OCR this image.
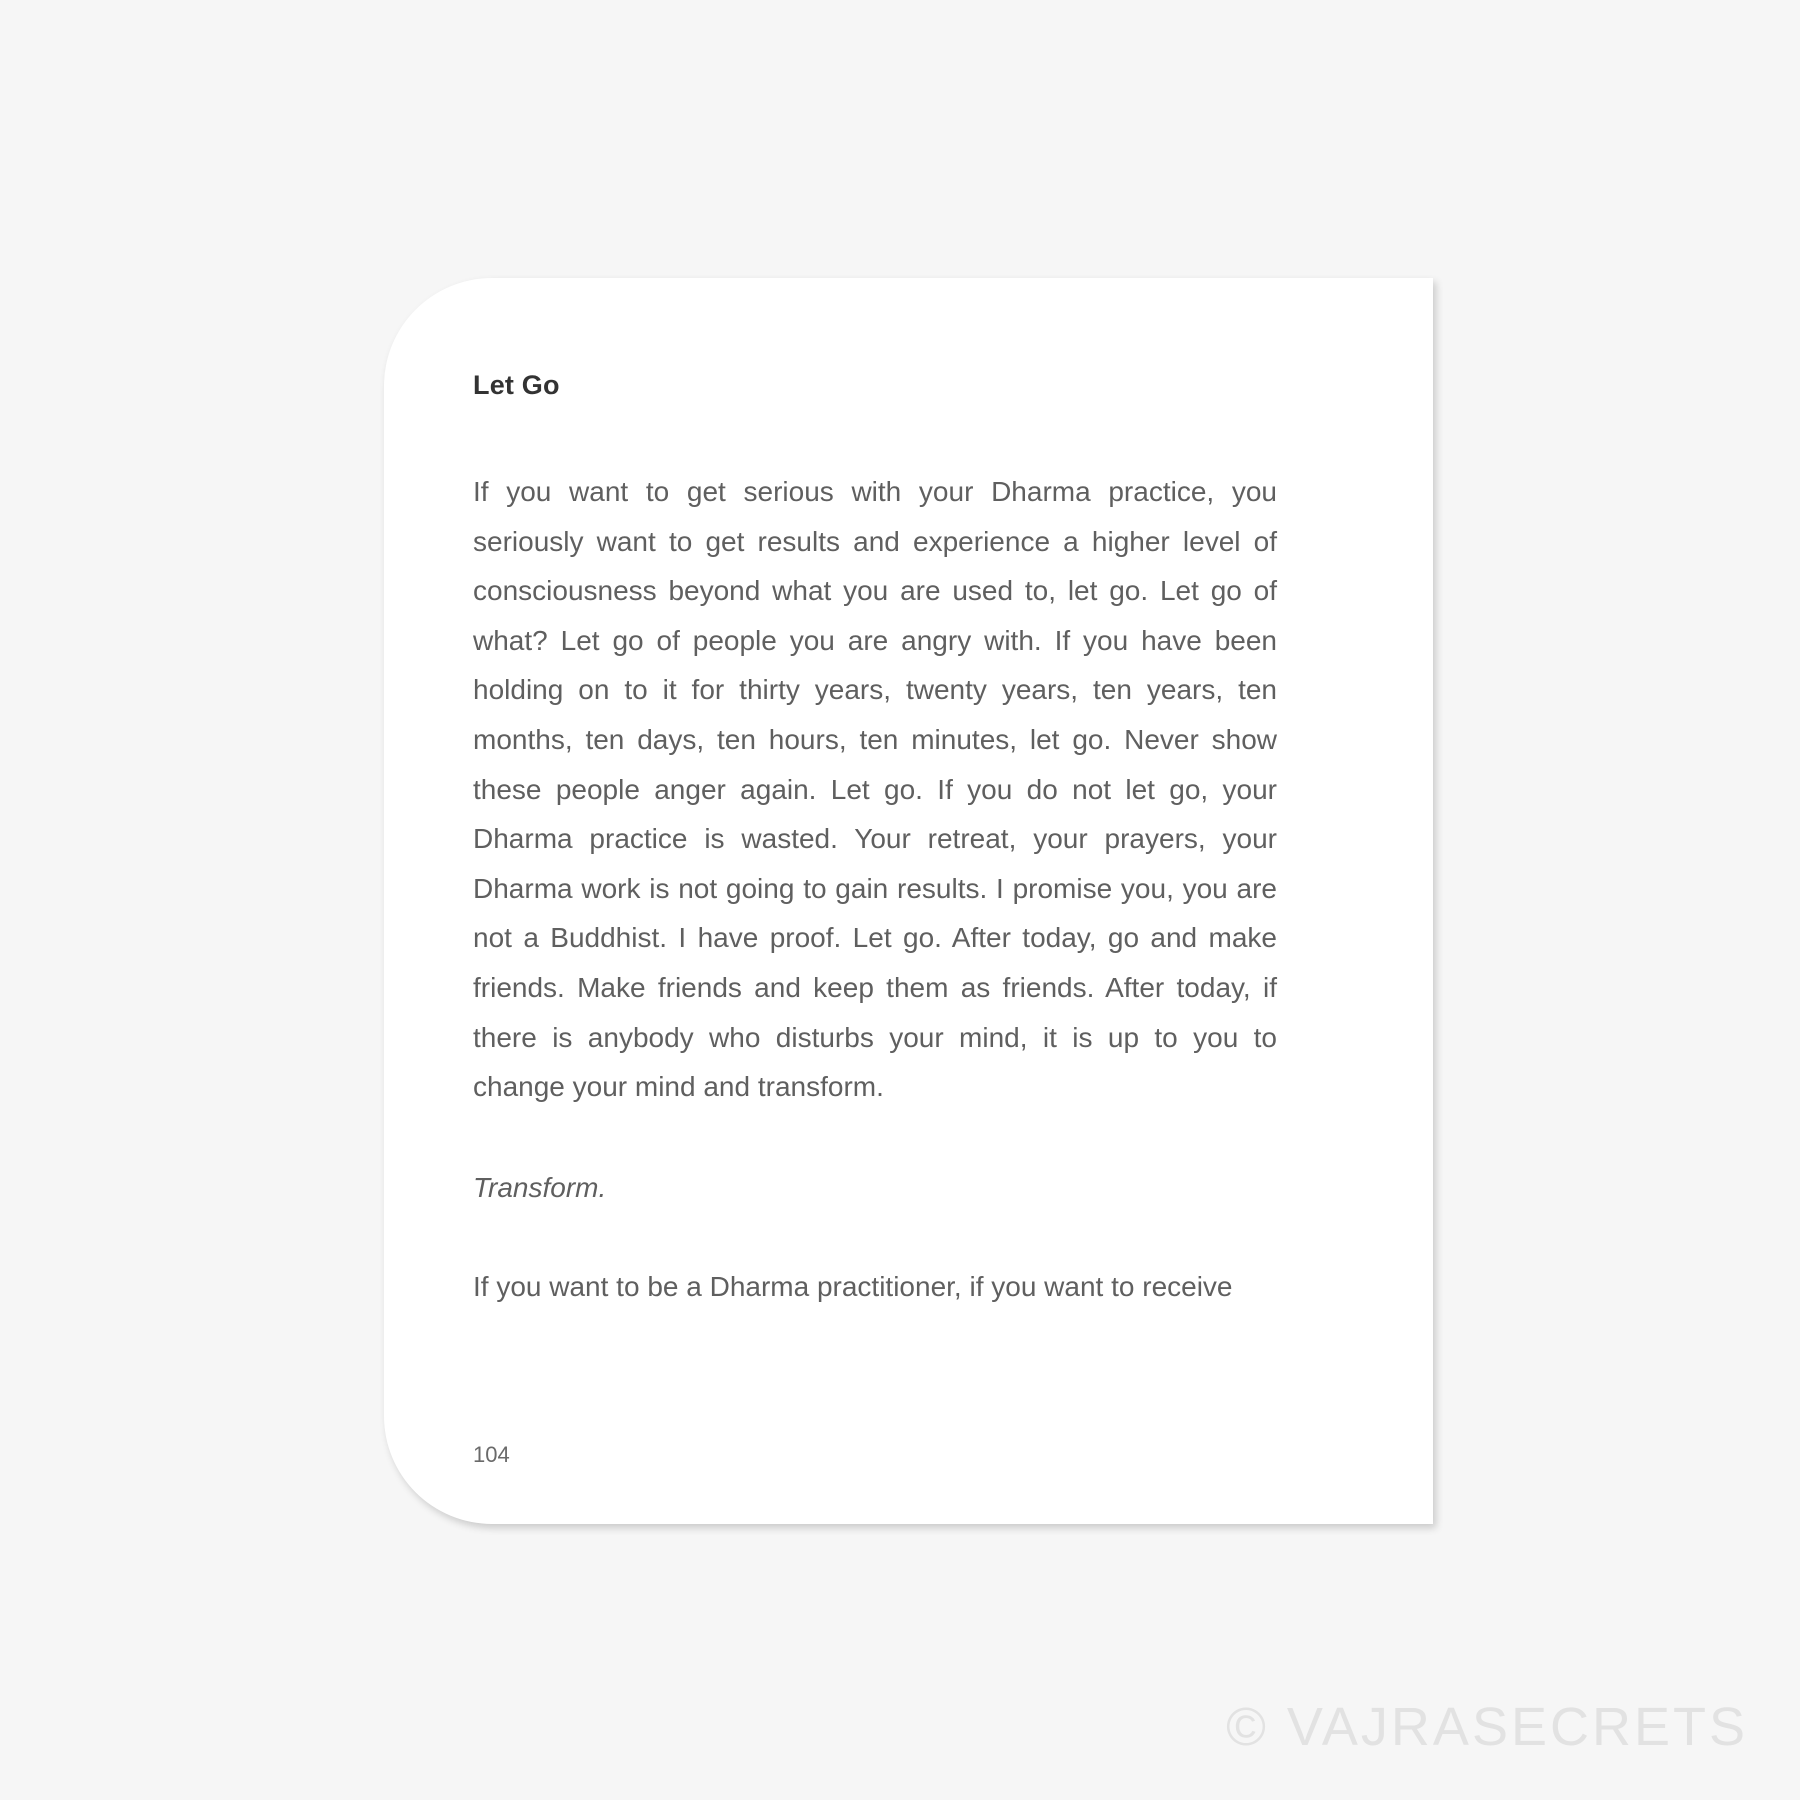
Let Go

If you want to get serious with your Dharma practice, you seriously want to get results and experience a higher level of consciousness beyond what you are used to, let go. Let go of what? Let go of people you are angry with. If you have been holding on to it for thirty years, twenty years, ten years, ten months, ten days, ten hours, ten minutes, let go. Never show these people anger again. Let go. If you do not let go, your Dharma practice is wasted. Your retreat, your prayers, your Dharma work is not going to gain results. I promise you, you are not a Buddhist. I have proof. Let go. After today, go and make friends. Make friends and keep them as friends. After today, if there is anybody who disturbs your mind, it is up to you to change your mind and transform.

Transform.

If you want to be a Dharma practitioner, if you want to receive

104
© VAJRASECRETS
